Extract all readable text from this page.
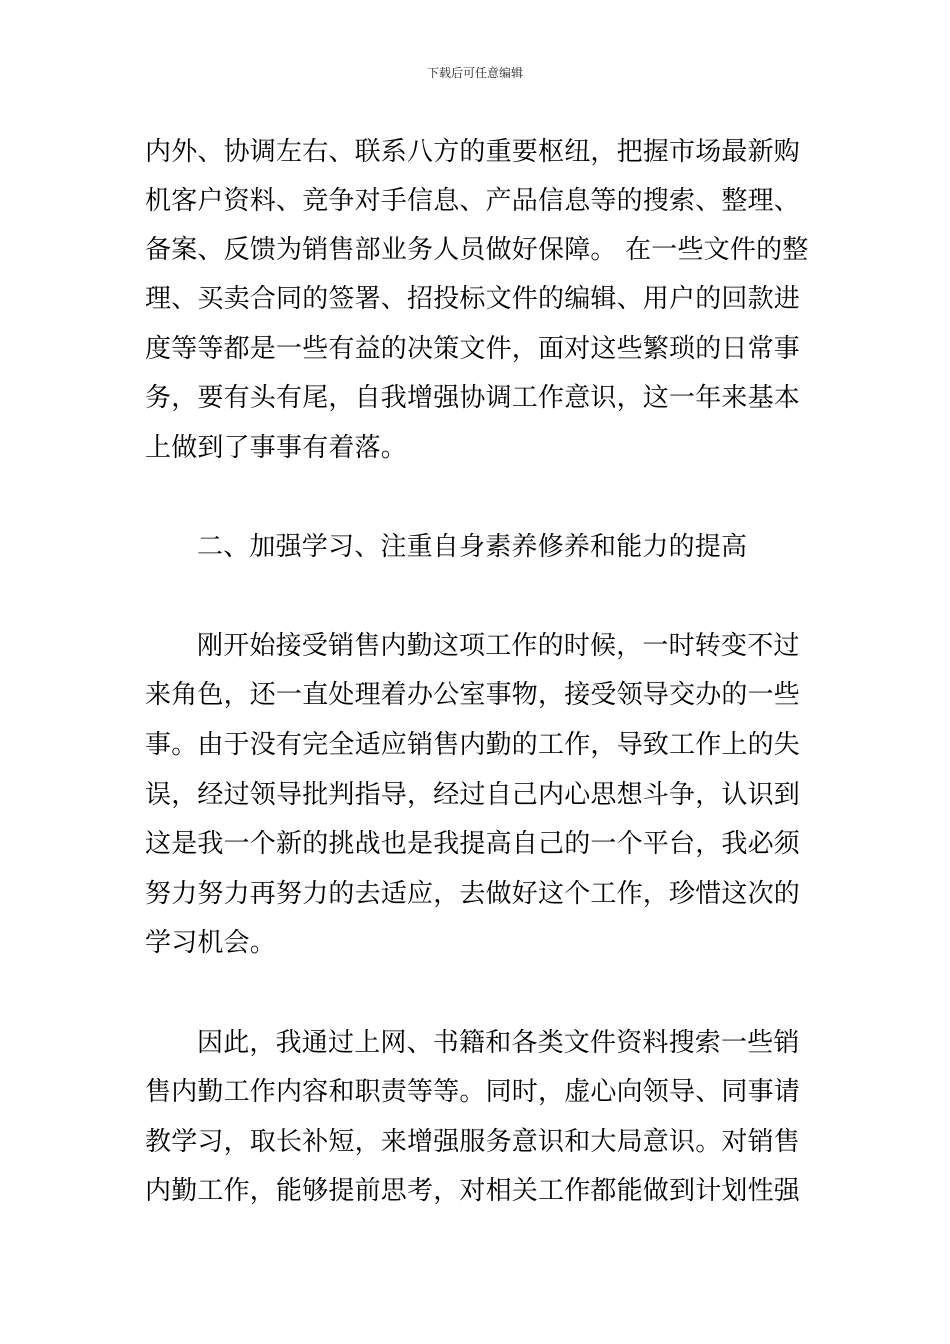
下载后可任意编辑
内外、协调左右、联系八方的重要枢纽，把握市场最新购
机客户资料、竞争对手信息、产品信息等的搜索、整理、
备案、反馈为销售部业务人员做好保障。 在一些文件的整
理、买卖合同的签署、招投标文件的编辑、用户的回款进
度等等都是一些有益的决策文件，面对这些繁琐的日常事
务，要有头有尾，自我增强协调工作意识，这一年来基本
上做到了事事有着落。
二、加强学习、注重自身素养修养和能力的提高
刚开始接受销售内勤这项工作的时候，一时转变不过
来角色，还一直处理着办公室事物，接受领导交办的一些
事。由于没有完全适应销售内勤的工作，导致工作上的失
误，经过领导批判指导，经过自己内心思想斗争，认识到
这是我一个新的挑战也是我提高自己的一个平台，我必须
努力努力再努力的去适应，去做好这个工作，珍惜这次的
学习机会。
因此，我通过上网、书籍和各类文件资料搜索一些销
售内勤工作内容和职责等等。同时，虚心向领导、同事请
教学习，取长补短，来增强服务意识和大局意识。对销售
内勤工作，能够提前思考，对相关工作都能做到计划性强
